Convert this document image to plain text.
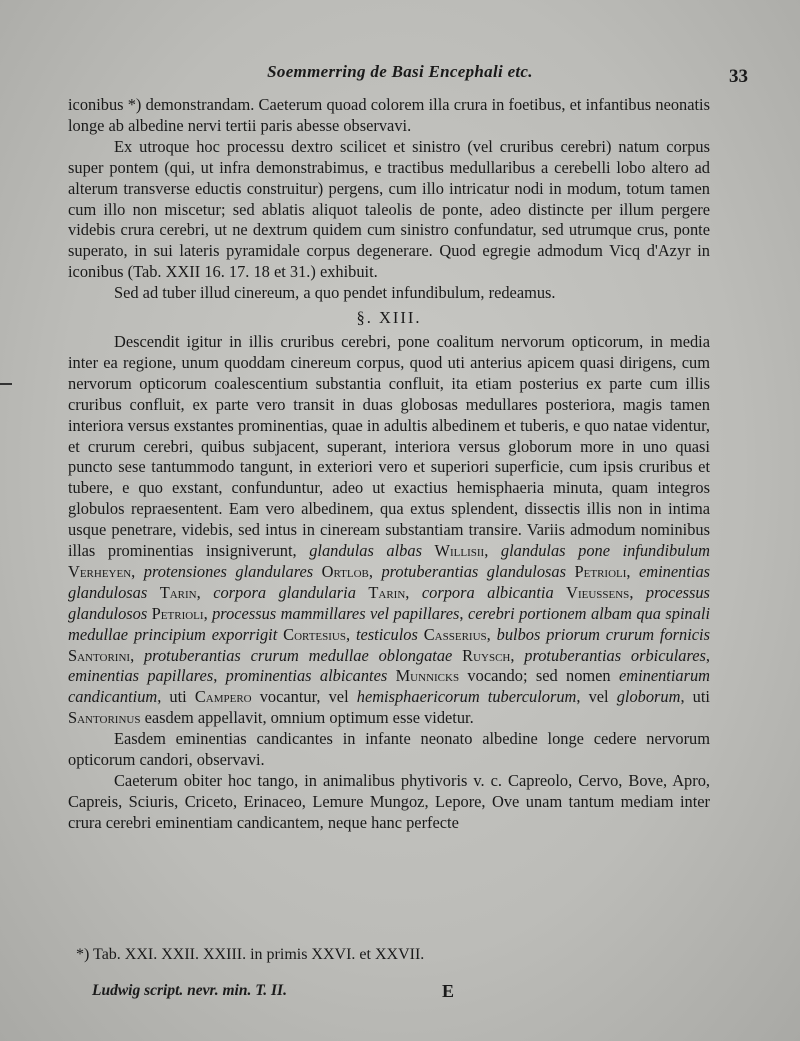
Soemmerring de Basi Encephali etc.	33

iconibus *) demonstrandam. Caeterum quoad colorem illa crura in foetibus, et infantibus neonatis longe ab albedine nervi tertii paris abesse observavi.

Ex utroque hoc processu dextro scilicet et sinistro (vel cruribus cerebri) natum corpus super pontem (qui, ut infra demonstrabimus, e tractibus medullaribus a cerebelli lobo altero ad alterum transverse eductis construitur) pergens, cum illo intricatur nodi in modum, totum tamen cum illo non miscetur; sed ablatis aliquot taleolis de ponte, adeo distincte per illum pergere videbis crura cerebri, ut ne dextrum quidem cum sinistro confundatur, sed utrumque crus, ponte superato, in sui lateris pyramidale corpus degenerare. Quod egregie admodum Vicq d'Azyr in iconibus (Tab. XXII 16. 17. 18 et 31.) exhibuit.

Sed ad tuber illud cinereum, a quo pendet infundibulum, redeamus.

§. XIII.

Descendit igitur in illis cruribus cerebri, pone coalitum nervorum opticorum, in media inter ea regione, unum quoddam cinereum corpus, quod uti anterius apicem quasi dirigens, cum nervorum opticorum coalescentium substantia confluit, ita etiam posterius ex parte cum illis cruribus confluit, ex parte vero transit in duas globosas medullares posteriora, magis tamen interiora versus exstantes prominentias, quae in adultis albedinem et tuberis, e quo natae videntur, et crurum cerebri, quibus subjacent, superant, interiora versus globorum more in uno quasi puncto sese tantummodo tangunt, in exteriori vero et superiori superficie, cum ipsis cruribus et tubere, e quo exstant, confunduntur, adeo ut exactius hemisphaeria minuta, quam integros globulos repraesentent. Eam vero albedinem, qua extus splendent, dissectis illis non in intima usque penetrare, videbis, sed intus in cineream substantiam transire. Variis admodum nominibus illas prominentias insigniverunt, glandulas albas Willisii, glandulas pone infundibulum Verheyen, protensiones glandulares Ortlob, protuberantias glandulosas Petrioli, eminentias glandulosas Tarin, corpora glandularia Tarin, corpora albicantia Vieussens, processus glandulosos Petrioli, processus mammillares vel papillares, cerebri portionem albam qua spinali medullae principium exporrigit Cortesius, testiculos Casserius, bulbos priorum crurum fornicis Santorini, protuberantias crurum medullae oblongatae Ruysch, protuberantias orbiculares, eminentias papillares, prominentias albicantes Munnicks vocando; sed nomen eminentiarum candicantium, uti Campero vocantur, vel hemisphaericorum tuberculorum, vel globorum, uti Santorinus easdem appellavit, omnium optimum esse videtur.

Easdem eminentias candicantes in infante neonato albedine longe cedere nervorum opticorum candori, observavi.

Caeterum obiter hoc tango, in animalibus phytivoris v. c. Capreolo, Cervo, Bove, Apro, Capreis, Sciuris, Criceto, Erinaceo, Lemure Mungoz, Lepore, Ove unam tantum mediam inter crura cerebri eminentiam candicantem, neque hanc perfecte

*) Tab. XXI. XXII. XXIII. in primis XXVI. et XXVII.
Ludwig script. nevr. min. T. II.	E
